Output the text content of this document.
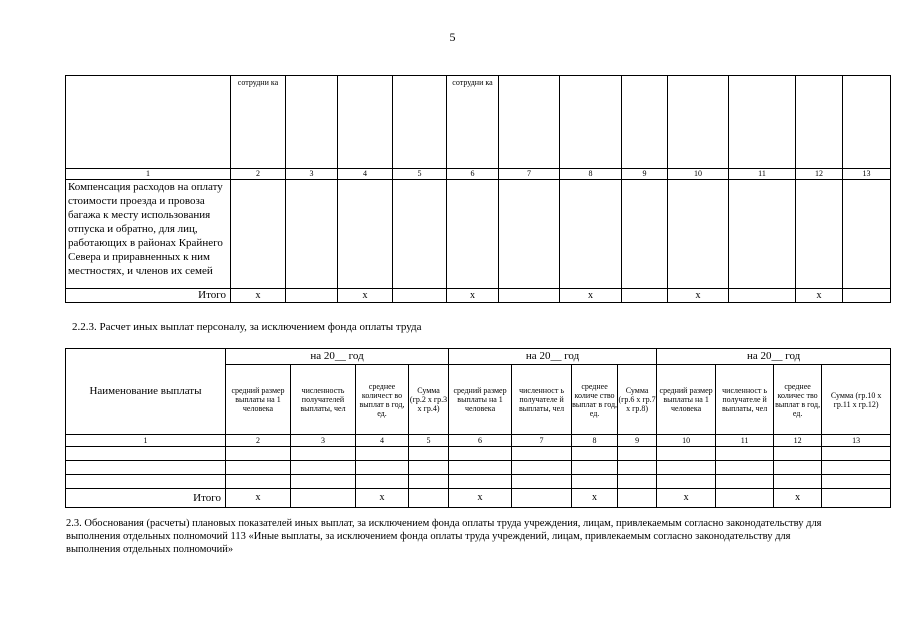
5
	сотрудни ка				сотрудни ка							
1	2	3	4	5	6	7	8	9	10	11	12	13
Компенсация расходов на оплату стоимости проезда и провоза багажа к месту использования отпуска и обратно, для лиц, работающих в районах Крайнего Севера и приравненных к ним местностях, и членов их семей												
Итого	х		х		х		х		х		х	
2.2.3. Расчет иных выплат персоналу, за исключением фонда оплаты труда
Наименование выплаты	на 20__ год				на 20__ год				на 20__ год			
	средний размер выплаты на 1 человека	численность получателей выплаты, чел	среднее количест во выплат в год, ед.	Сумма (гр.2 х гр.3 х гр.4)	средний размер выплаты на 1 человека	численност ь получателе й выплаты, чел	среднее количе ство выплат в год, ед.	Сумма (гр.6 х гр.7 х гр.8)	средний размер выплаты на 1 человека	численност ь получателе й выплаты, чел	среднее количес тво выплат в год, ед.	Сумма (гр.10 х гр.11 х гр.12)
1	2	3	4	5	6	7	8	9	10	11	12	13

Итого	х		х		х		х		х		х	
2.3. Обоснования (расчеты) плановых показателей иных выплат, за исключением фонда оплаты труда учреждения, лицам, привлекаемым согласно законодательству для выполнения отдельных полномочий 113 «Иные выплаты, за исключением фонда оплаты труда учреждений, лицам, привлекаемым согласно законодательству для выполнения отдельных полномочий»
